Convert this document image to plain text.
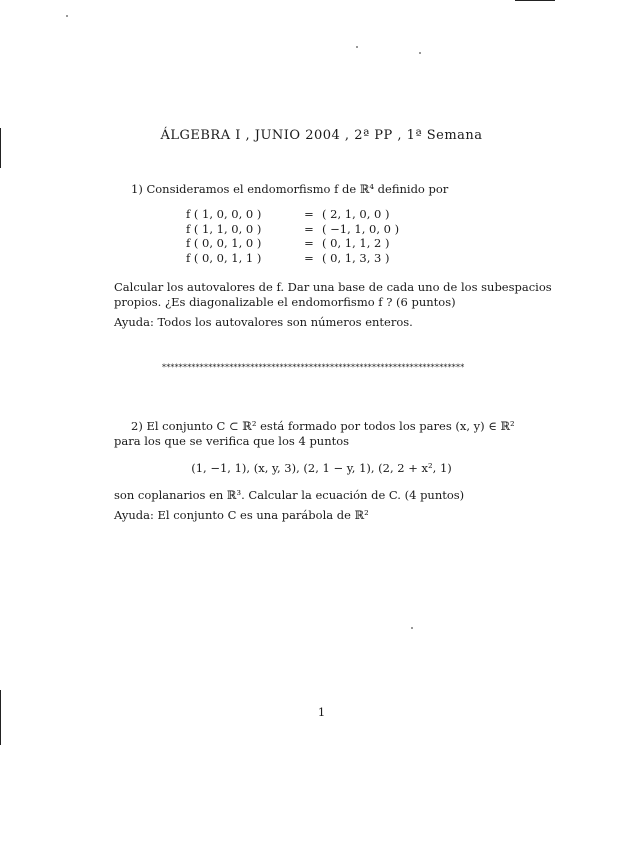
ÁLGEBRA I , JUNIO 2004 , 2ª PP , 1ª Semana
1) Consideramos el endomorfismo f de ℝ⁴ definido por
f ( 1, 0, 0, 0 )	= ( 2, 1, 0, 0 )
f ( 1, 1, 0, 0 )	= ( −1, 1, 0, 0 )
f ( 0, 0, 1, 0 )	= ( 0, 1, 1, 2 )
f ( 0, 0, 1, 1 )	= ( 0, 1, 3, 3 )
Calcular los autovalores de f. Dar una base de cada uno de los subespacios
propios. ¿Es diagonalizable el endomorfismo f ? (6 puntos)
Ayuda: Todos los autovalores son números enteros.
************************************************************************
2) El conjunto C ⊂ ℝ² está formado por todos los pares (x, y) ∈ ℝ²
para los que se verifica que los 4 puntos
(1, −1, 1), (x, y, 3), (2, 1 − y, 1), (2, 2 + x², 1)
son coplanarios en ℝ³. Calcular la ecuación de C. (4 puntos)
Ayuda: El conjunto C es una parábola de ℝ²
1
